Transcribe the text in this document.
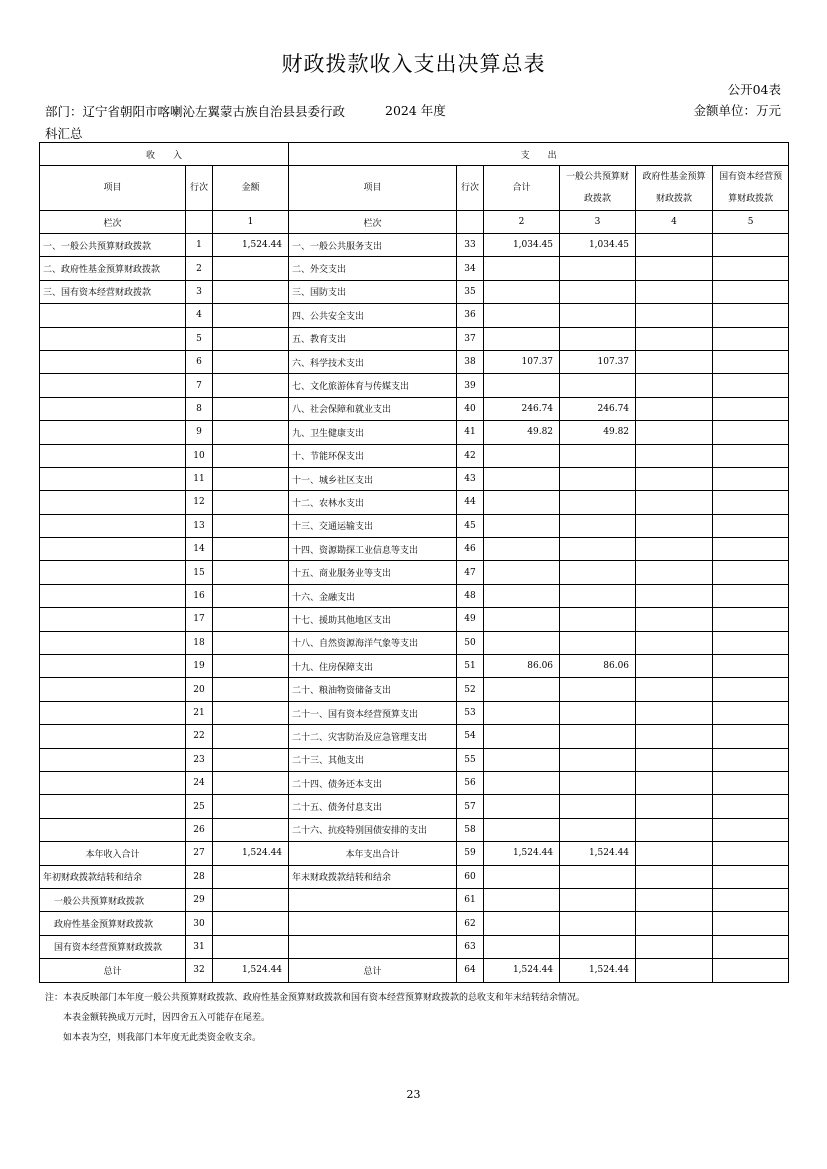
财政拨款收入支出决算总表
公开04表
部门：辽宁省朝阳市喀喇沁左翼蒙古族自治县县委行政科汇总
2024 年度	金额单位：万元
收　　入			支　　出					
项目	行次	金额	项目	行次	合计	一般公共预算财政拨款	政府性基金预算财政拨款	国有资本经营预算财政拨款
栏次		1	栏次		2	3	4	5
一、一般公共预算财政拨款	1	1,524.44	一、一般公共服务支出	33	1,034.45	1,034.45		
二、政府性基金预算财政拨款	2		二、外交支出	34				
三、国有资本经营财政拨款	3		三、国防支出	35				
	4		四、公共安全支出	36				
	5		五、教育支出	37				
	6		六、科学技术支出	38	107.37	107.37		
	7		七、文化旅游体育与传媒支出	39				
	8		八、社会保障和就业支出	40	246.74	246.74		
	9		九、卫生健康支出	41	49.82	49.82		
	10		十、节能环保支出	42				
	11		十一、城乡社区支出	43				
	12		十二、农林水支出	44				
	13		十三、交通运输支出	45				
	14		十四、资源勘探工业信息等支出	46				
	15		十五、商业服务业等支出	47				
	16		十六、金融支出	48				
	17		十七、援助其他地区支出	49				
	18		十八、自然资源海洋气象等支出	50				
	19		十九、住房保障支出	51	86.06	86.06		
	20		二十、粮油物资储备支出	52				
	21		二十一、国有资本经营预算支出	53				
	22		二十二、灾害防治及应急管理支出	54				
	23		二十三、其他支出	55				
	24		二十四、债务还本支出	56				
	25		二十五、债务付息支出	57				
	26		二十六、抗疫特别国债安排的支出	58				
本年收入合计	27	1,524.44	本年支出合计	59	1,524.44	1,524.44		
年初财政拨款结转和结余	28		年末财政拨款结转和结余	60				
一般公共预算财政拨款	29			61				
政府性基金预算财政拨款	30			62				
国有资本经营预算财政拨款	31			63				
总计	32	1,524.44	总计	64	1,524.44	1,524.44		
注：本表反映部门本年度一般公共预算财政拨款、政府性基金预算财政拨款和国有资本经营预算财政拨款的总收支和年末结转结余情况。
本表金额转换成万元时，因四舍五入可能存在尾差。
如本表为空，则我部门本年度无此类资金收支余。
23
